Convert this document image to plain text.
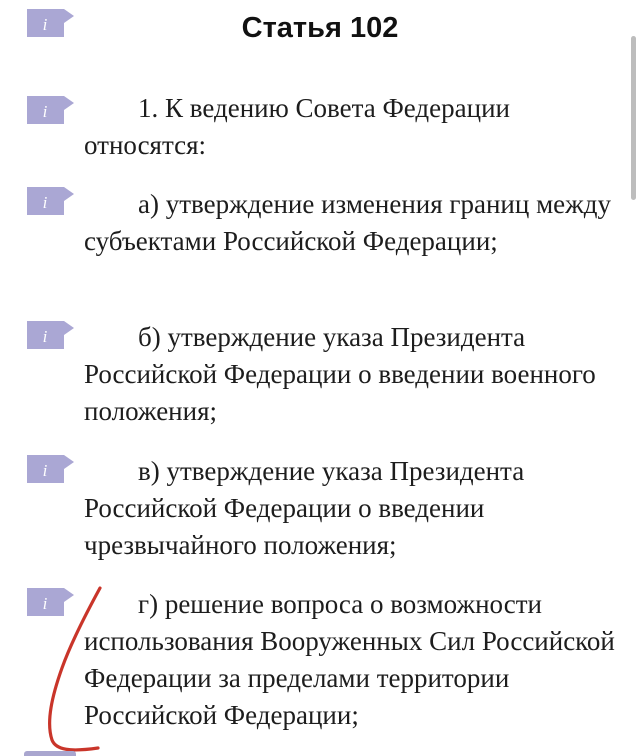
Статья 102
i
i
i
i
i
i
1. К ведению Совета Федерации относятся:
а) утверждение изменения границ между субъектами Российской Федерации;
б) утверждение указа Президента Российской Федерации о введении военного положения;
в) утверждение указа Президента Российской Федерации о введении чрезвычайного положения;
г) решение вопроса о возможности использования Вооруженных Сил Российской Федерации за пределами территории Российской Федерации;
